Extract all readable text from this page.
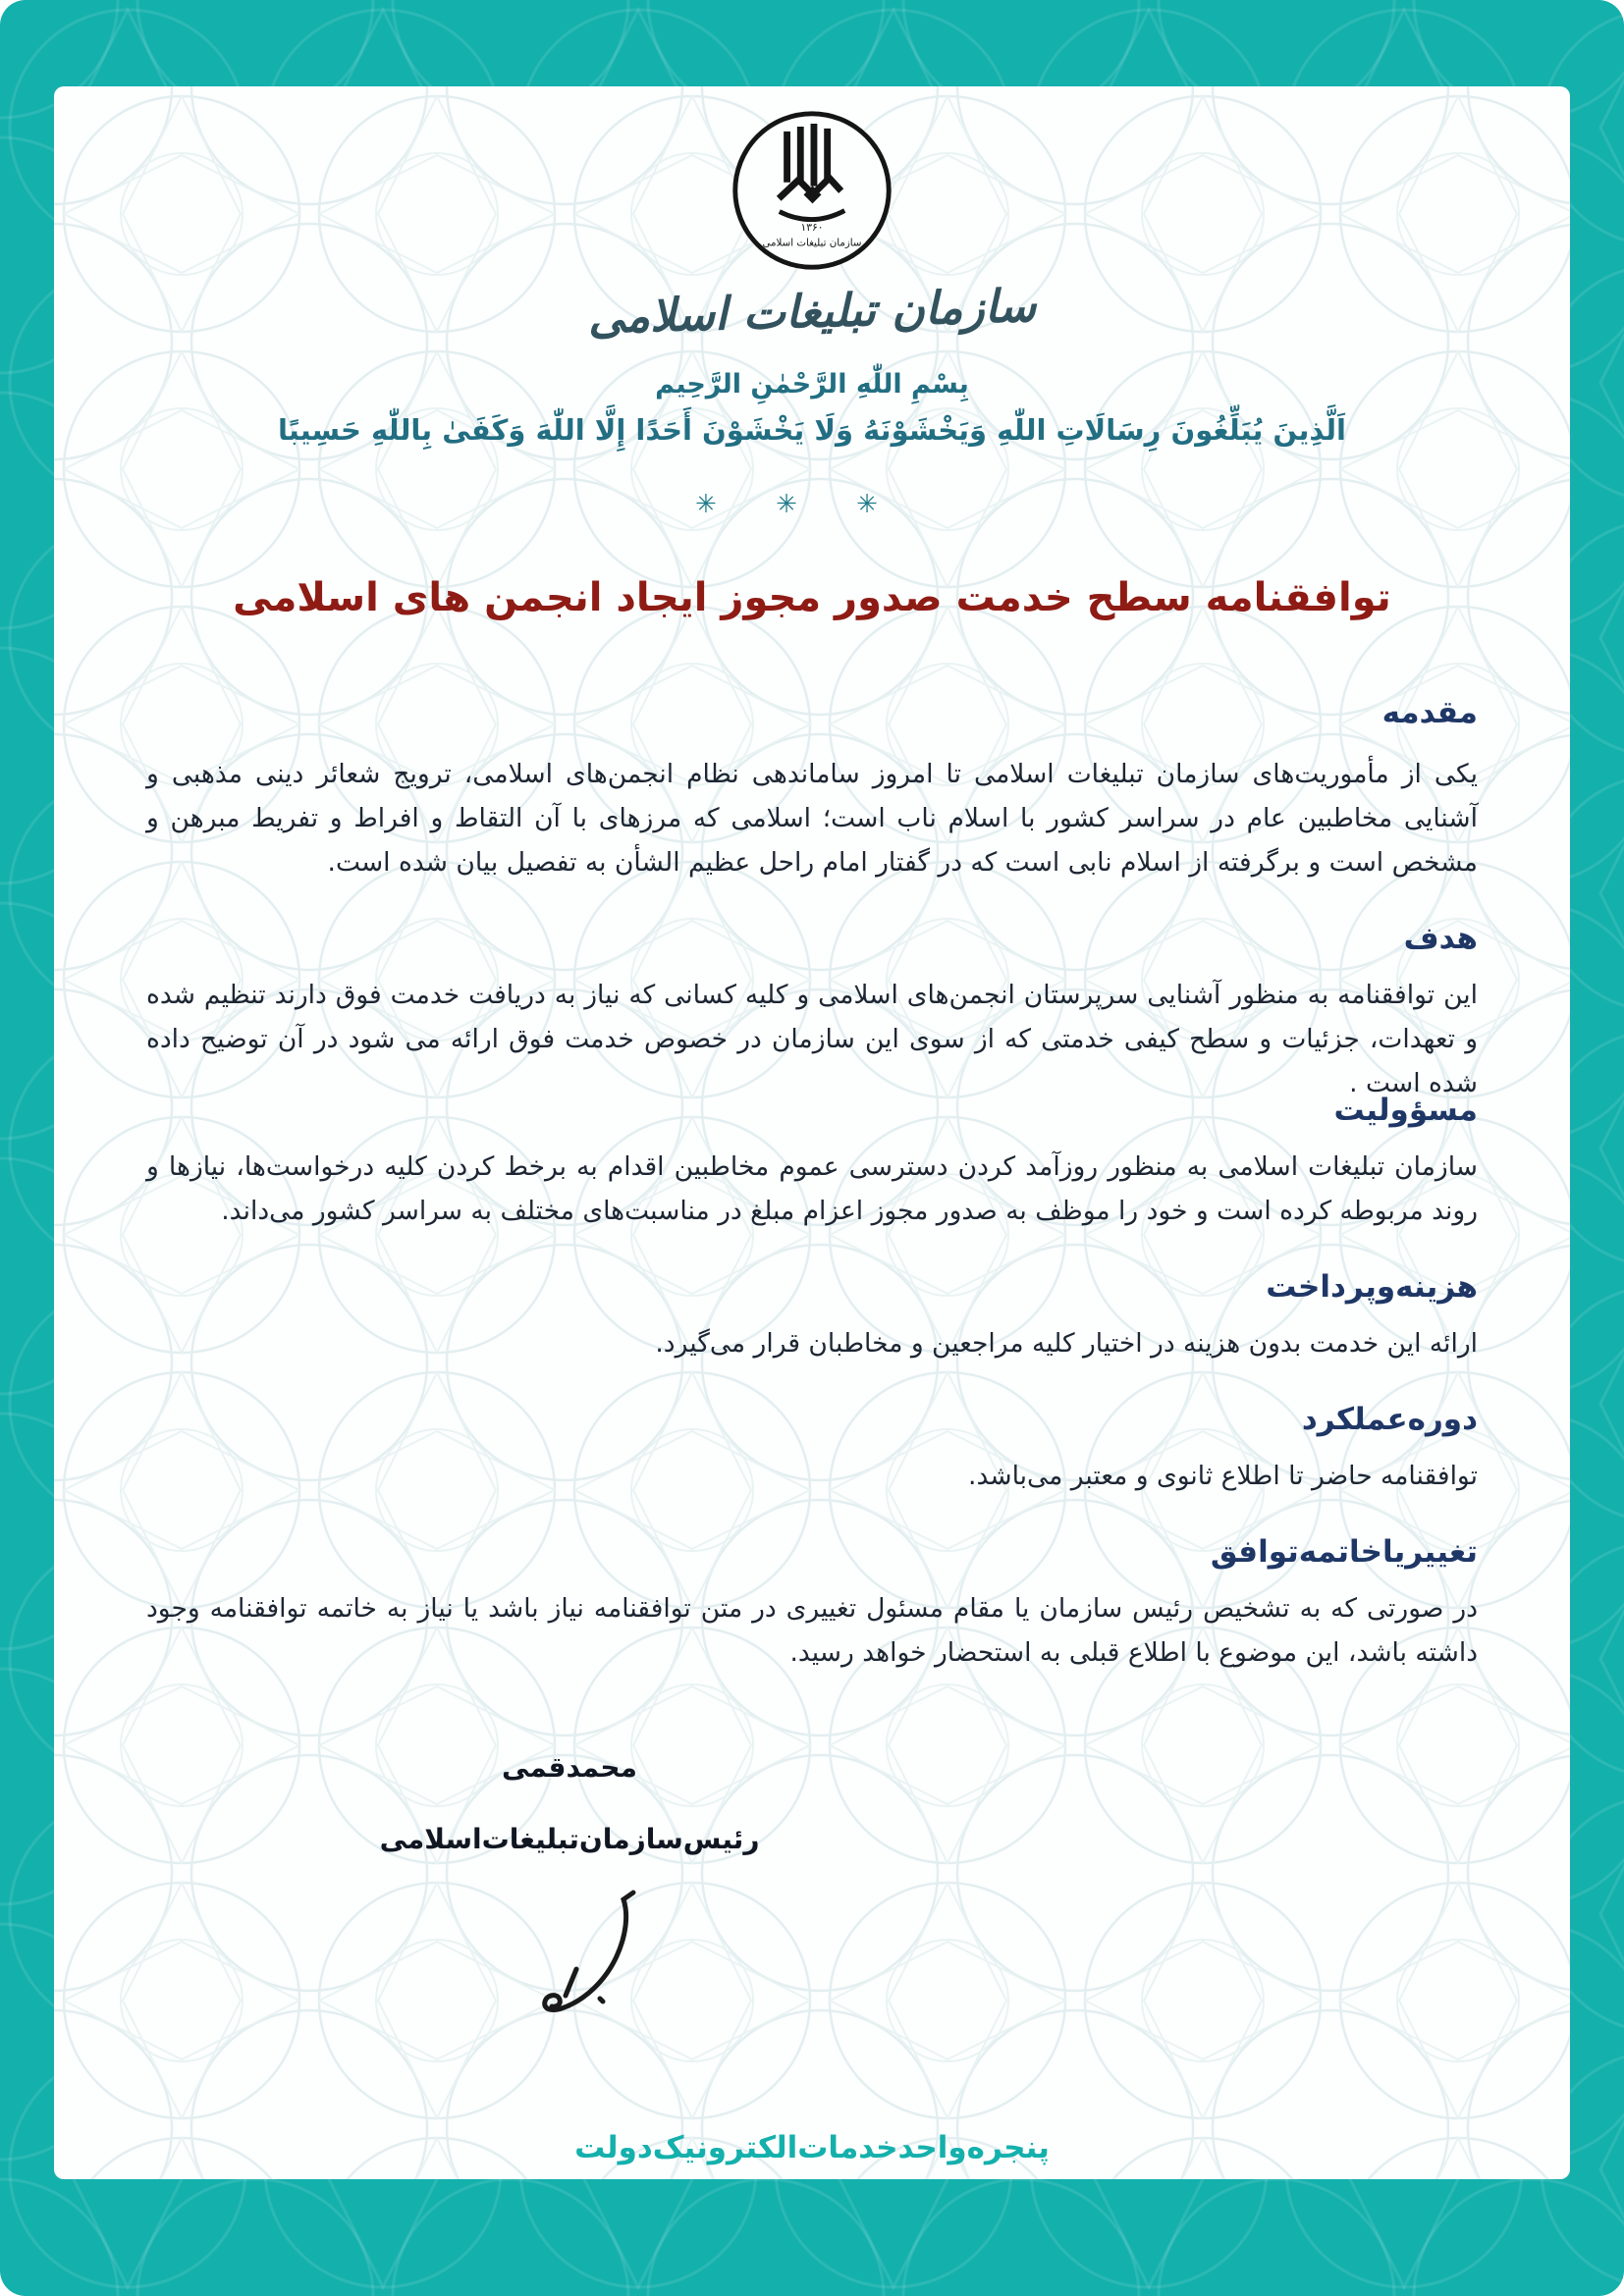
۱۳۶۰
سازمان تبلیغات اسلامی
سازمان تبلیغات اسلامی
بِسْمِ اللّٰهِ الرَّحْمٰنِ الرَّحِیم
اَلَّذِینَ یُبَلِّغُونَ رِسَالَاتِ اللّٰهِ وَیَخْشَوْنَهُ وَلَا یَخْشَوْنَ أَحَدًا إِلَّا اللّٰهَ وَکَفَىٰ بِاللّٰهِ حَسِیبًا
✳ ✳ ✳
توافقنامه سطح خدمت صدور مجوز ایجاد انجمن های اسلامی
مقدمه
یکی از مأموریت‌های سازمان تبلیغات اسلامی تا امروز ساماندهی نظام انجمن‌های اسلامی، ترویج شعائر دینی مذهبی و آشنایی مخاطبین عام در سراسر کشور با اسلام ناب است؛ اسلامی که مرزهای با آن التقاط و افراط و تفریط مبرهن و مشخص است و برگرفته از اسلام نابی است که در گفتار امام راحل عظیم الشأن به تفصیل بیان شده است.
هدف
این توافقنامه به منظور آشنایی سرپرستان انجمن‌های اسلامی و کلیه کسانی که نیاز به دریافت خدمت فوق دارند تنظیم شده و تعهدات، جزئیات و سطح کیفی خدمتی که از سوی این سازمان در خصوص خدمت فوق ارائه می شود در آن توضیح داده شده است .
مسؤولیت
سازمان تبلیغات اسلامی به منظور روزآمد کردن دسترسی عموم مخاطبین اقدام به برخط کردن کلیه درخواست‌ها، نیازها و روند مربوطه کرده است و خود را موظف به صدور مجوز اعزام مبلغ در مناسبت‌های مختلف به سراسر کشور می‌داند.
هزینه‌وپرداخت
ارائه این خدمت بدون هزینه در اختیار کلیه مراجعین و مخاطبان قرار می‌گیرد.
دوره‌عملکرد
توافقنامه حاضر تا اطلاع ثانوی و معتبر می‌باشد.
تغییر‌یا‌خاتمه‌توافق
در صورتی که به تشخیص رئیس سازمان یا مقام مسئول تغییری در متن توافقنامه نیاز باشد یا نیاز به خاتمه توافقنامه وجود داشته باشد، این موضوع با اطلاع قبلی به استحضار خواهد رسید.
محمدقمی
رئیس‌سازمان‌تبلیغات‌اسلامی
پنجره‌واحد‌خدمات‌الکترونیک‌دولت
